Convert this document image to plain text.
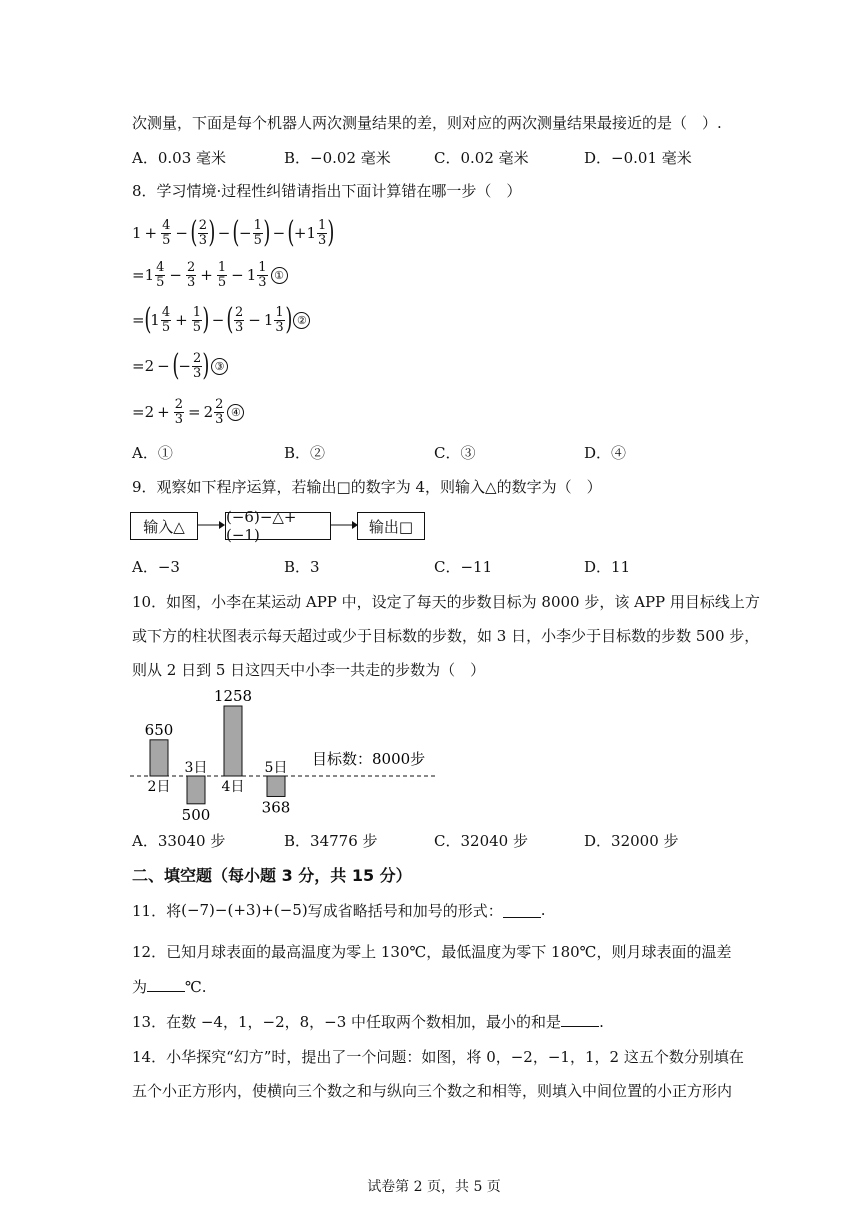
次测量，下面是每个机器人两次测量结果的差，则对应的两次测量结果最接近的是（　）.
A．0.03 毫米	B．−0.02 毫米	C．0.02 毫米	D．−0.01 毫米
8．学习情境·过程性纠错请指出下面计算错在哪一步（　）
$1 + \frac{4}{5}$ − ( $\frac{2}{3}$ ) − ( − $\frac{1}{5}$ ) − ( $+1 \frac{1}{3}$ )
$=1 \frac{4}{5} - \frac{2}{3} + \frac{1}{5} - 1 \frac{1}{3}$ ①
= ( $1 \frac{4}{5} + \frac{1}{5}$ ) − ( $\frac{2}{3} - 1 \frac{1}{3}$ ) ②
=2 − ( − $\frac{2}{3}$ ) ③
$=2 + \frac{2}{3} = 2 \frac{2}{3}$ ④
A．①	B．②	C．③	D．④
9．观察如下程序运算，若输出□的数字为 4，则输入△的数字为（　）
输入△
(−6)−△+(−1)	输出□
A．−3	B．3	C．−11	D．11
10．如图，小李在某运动 APP 中，设定了每天的步数目标为 8000 步，该 APP 用目标线上方
或下方的柱状图表示每天超过或少于目标数的步数，如 3 日，小李少于目标数的步数 500 步，
则从 2 日到 5 日这四天中小李一共走的步数为（　）
目标数：8000步
650
2日
500
3日
1258
4日
368
5日
A．33040 步	B．34776 步	C．32040 步	D．32000 步
二、填空题（每小题 3 分，共 15 分）
11．将 (−7)−(+3)+(−5) 写成省略括号和加号的形式：	.
12．已知月球表面的最高温度为零上 130℃，最低温度为零下 180℃，则月球表面的温差
为	℃.
13．在数 −4，1，−2，8，−3 中任取两个数相加，最小的和是	.
14．小华探究“幻方”时，提出了一个问题：如图，将 0，−2，−1，1，2 这五个数分别填在
五个小正方形内，使横向三个数之和与纵向三个数之和相等，则填入中间位置的小正方形内
试卷第 2 页，共 5 页
